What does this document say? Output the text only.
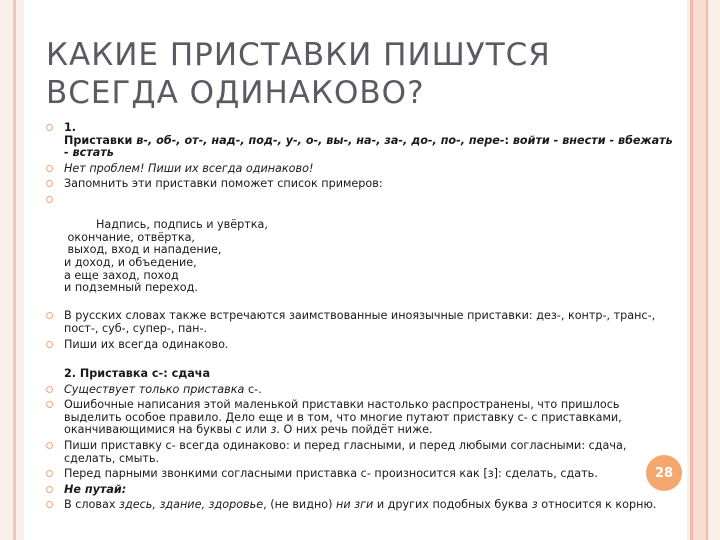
КАКИЕ ПРИСТАВКИ ПИШУТСЯ
ВСЕГДА ОДИНАКОВО?
1.
Приставки в-, об-, от-, над-, под-, у-, о-, вы-, на-, за-, до-, по-, пере-: войти - внести - вбежать - встать
Нет проблем! Пиши их всегда одинаково!
Запомнить эти приставки поможет список примеров:

Надпись, подпись и увёртка,
окончание, отвёртка,
выход, вход и нападение,
и доход, и объедение,
а еще заход, поход
и подземный переход.

В русских словах также встречаются заимствованные иноязычные приставки: дез-, контр-, транс-, пост-, суб-, супер-, пан-.
Пиши их всегда одинаково.
2. Приставка с-: сдача
Существует только приставка с-.
Ошибочные написания этой маленькой приставки настолько распространены, что пришлось выделить особое правило. Дело еще и в том, что многие путают приставку с- с приставками, оканчивающимися на буквы с или з. О них речь пойдёт ниже.
Пиши приставку с- всегда одинаково: и перед гласными, и перед любыми согласными: сдача, сделать, смыть.
Перед парными звонкими согласными приставка с- произносится как [з]: сделать, сдать.
Не путай:
В словах здесь, здание, здоровье, (не видно) ни зги и других подобных буква з относится к корню.
28
